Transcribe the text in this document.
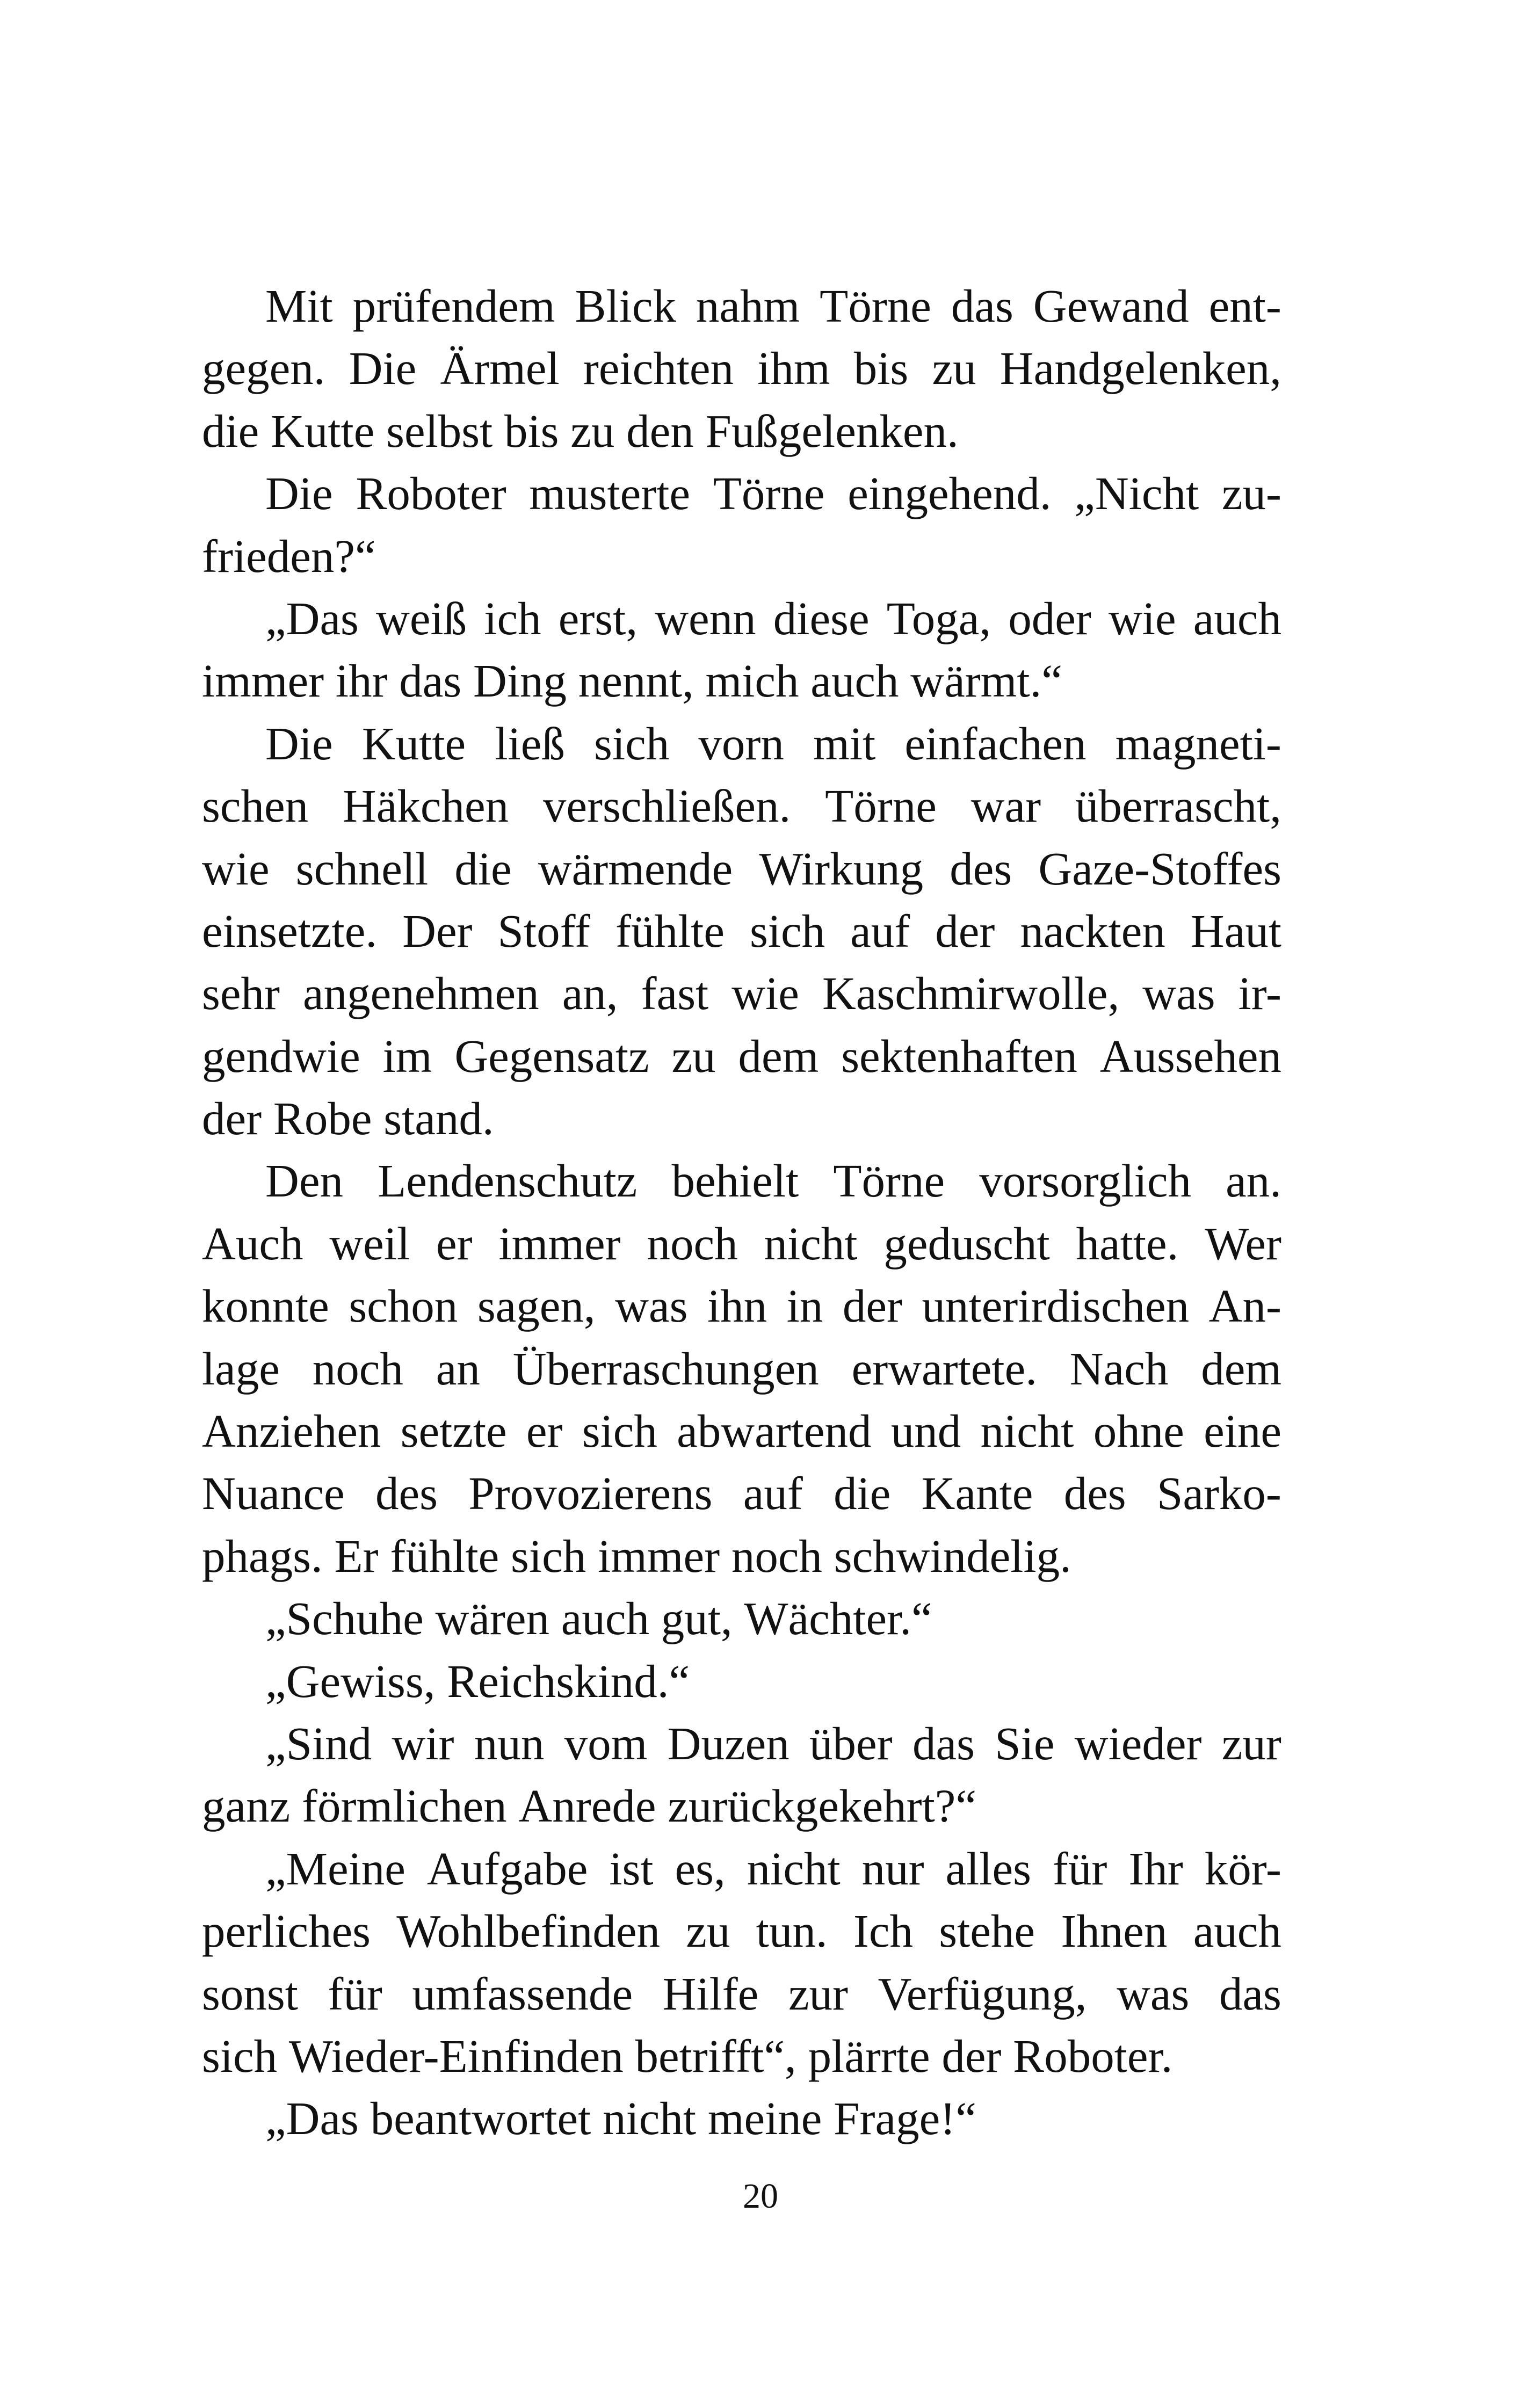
Mit prüfendem Blick nahm Törne das Gewand ent-
gegen. Die Ärmel reichten ihm bis zu Handgelenken,
die Kutte selbst bis zu den Fußgelenken.
Die Roboter musterte Törne eingehend. „Nicht zu-
frieden?“
„Das weiß ich erst, wenn diese Toga, oder wie auch
immer ihr das Ding nennt, mich auch wärmt.“
Die Kutte ließ sich vorn mit einfachen magneti-
schen Häkchen verschließen. Törne war überrascht,
wie schnell die wärmende Wirkung des Gaze-Stoffes
einsetzte. Der Stoff fühlte sich auf der nackten Haut
sehr angenehmen an, fast wie Kaschmirwolle, was ir-
gendwie im Gegensatz zu dem sektenhaften Aussehen
der Robe stand.
Den Lendenschutz behielt Törne vorsorglich an.
Auch weil er immer noch nicht geduscht hatte. Wer
konnte schon sagen, was ihn in der unterirdischen An-
lage noch an Überraschungen erwartete. Nach dem
Anziehen setzte er sich abwartend und nicht ohne eine
Nuance des Provozierens auf die Kante des Sarko-
phags. Er fühlte sich immer noch schwindelig.
„Schuhe wären auch gut, Wächter.“
„Gewiss, Reichskind.“
„Sind wir nun vom Duzen über das Sie wieder zur
ganz förmlichen Anrede zurückgekehrt?“
„Meine Aufgabe ist es, nicht nur alles für Ihr kör-
perliches Wohlbefinden zu tun. Ich stehe Ihnen auch
sonst für umfassende Hilfe zur Verfügung, was das
sich Wieder-Einfinden betrifft“, plärrte der Roboter.
„Das beantwortet nicht meine Frage!“
20
